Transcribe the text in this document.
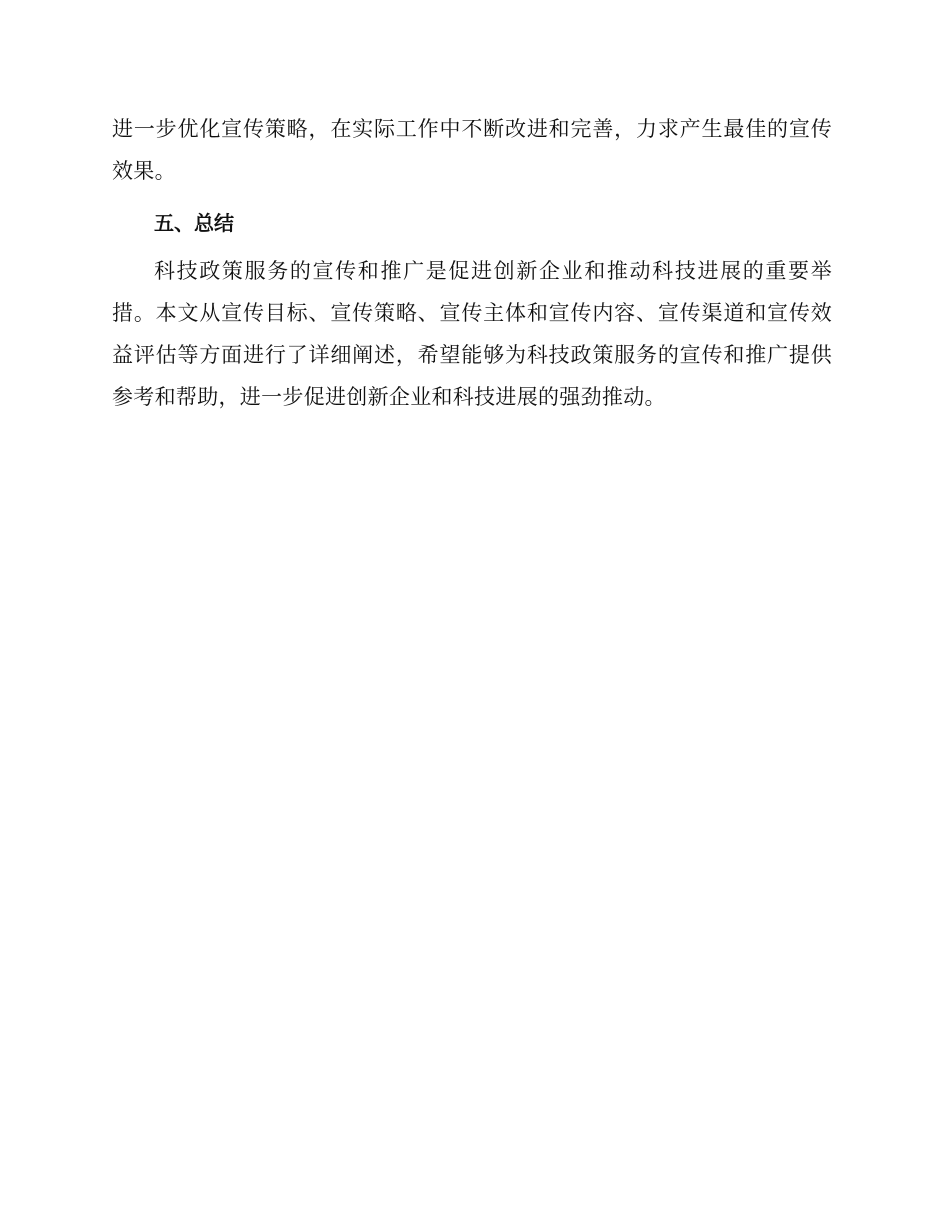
进一步优化宣传策略，在实际工作中不断改进和完善，力求产生最佳的宣传效果。

五、总结

科技政策服务的宣传和推广是促进创新企业和推动科技进展的重要举措。本文从宣传目标、宣传策略、宣传主体和宣传内容、宣传渠道和宣传效益评估等方面进行了详细阐述，希望能够为科技政策服务的宣传和推广提供参考和帮助，进一步促进创新企业和科技进展的强劲推动。
